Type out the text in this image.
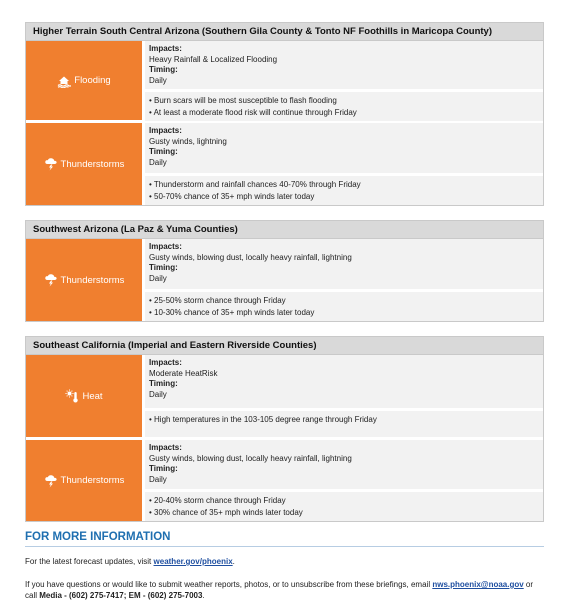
Higher Terrain South Central Arizona (Southern Gila County & Tonto NF Foothills in Maricopa County)
Flooding
Impacts:
Heavy Rainfall & Localized Flooding
Timing:
Daily
• Burn scars will be most susceptible to flash flooding
• At least a moderate flood risk will continue through Friday
Thunderstorms
Impacts:
Gusty winds, lightning
Timing:
Daily
• Thunderstorm and rainfall chances 40-70% through Friday
• 50-70% chance of 35+ mph winds later today
Southwest Arizona (La Paz & Yuma Counties)
Thunderstorms
Impacts:
Gusty winds, blowing dust, locally heavy rainfall, lightning
Timing:
Daily
• 25-50% storm chance through Friday
• 10-30% chance of 35+ mph winds later today
Southeast California (Imperial and Eastern Riverside Counties)
Heat
Impacts:
Moderate HeatRisk
Timing:
Daily
• High temperatures in the 103-105 degree range through Friday
Thunderstorms
Impacts:
Gusty winds, blowing dust, locally heavy rainfall, lightning
Timing:
Daily
• 20-40% storm chance through Friday
• 30% chance of 35+ mph winds later today
FOR MORE INFORMATION

For the latest forecast updates, visit weather.gov/phoenix.

If you have questions or would like to submit weather reports, photos, or to unsubscribe from these briefings, email nws.phoenix@noaa.gov or call Media - (602) 275-7417; EM - (602) 275-7003.
